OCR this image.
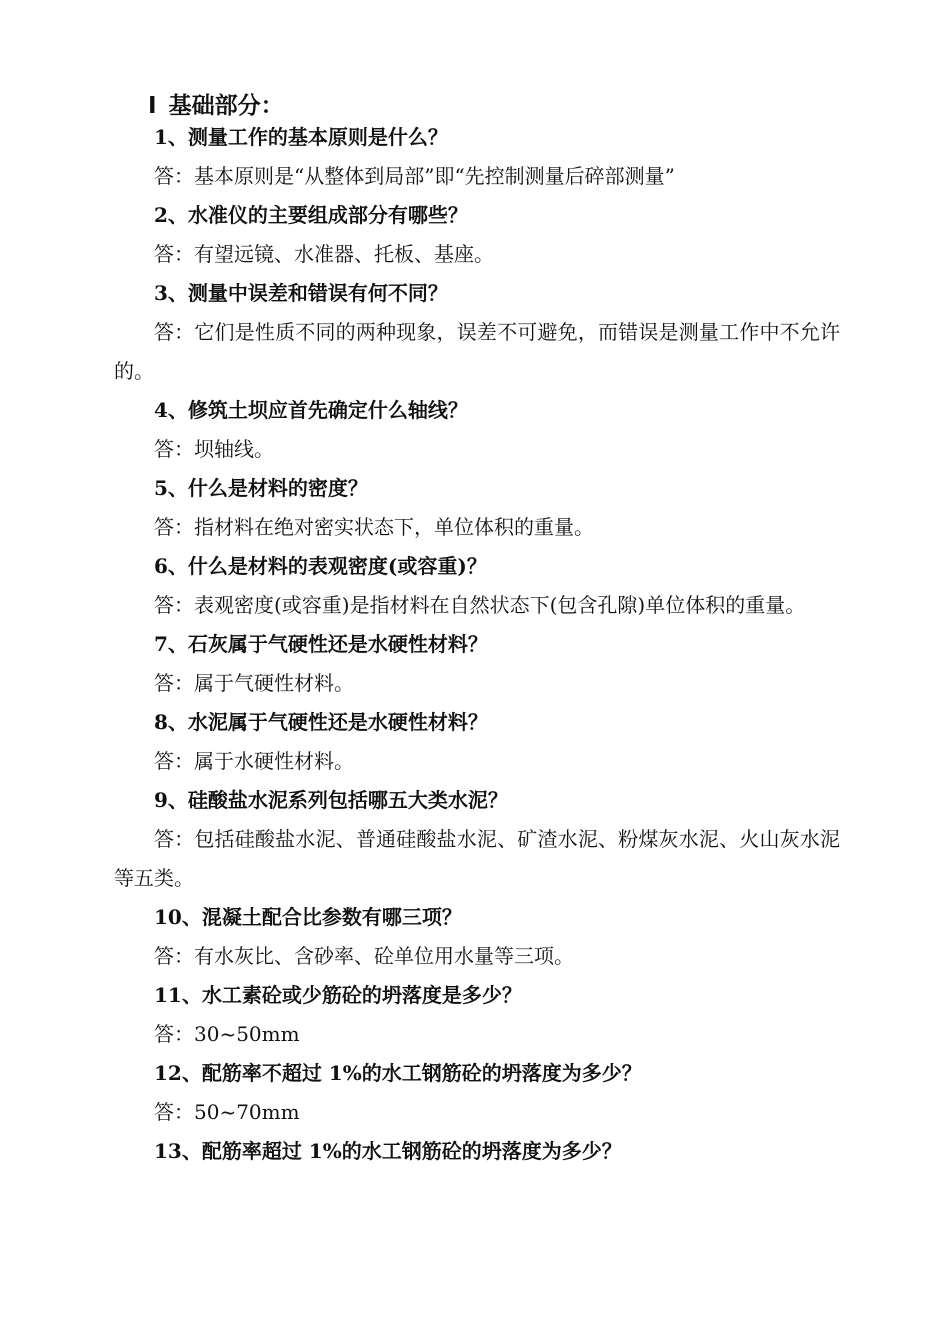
Ⅰ 基础部分：

1、测量工作的基本原则是什么？

答：基本原则是“从整体到局部”即“先控制测量后碎部测量”

2、水准仪的主要组成部分有哪些？

答：有望远镜、水准器、托板、基座。

3、测量中误差和错误有何不同？

答：它们是性质不同的两种现象，误差不可避免，而错误是测量工作中不允许的。

4、修筑土坝应首先确定什么轴线？

答：坝轴线。

5、什么是材料的密度？

答：指材料在绝对密实状态下，单位体积的重量。

6、什么是材料的表观密度(或容重)？

答：表观密度(或容重)是指材料在自然状态下(包含孔隙)单位体积的重量。

7、石灰属于气硬性还是水硬性材料？

答：属于气硬性材料。

8、水泥属于气硬性还是水硬性材料？

答：属于水硬性材料。

9、硅酸盐水泥系列包括哪五大类水泥？

答：包括硅酸盐水泥、普通硅酸盐水泥、矿渣水泥、粉煤灰水泥、火山灰水泥等五类。

10、混凝土配合比参数有哪三项？

答：有水灰比、含砂率、砼单位用水量等三项。

11、水工素砼或少筋砼的坍落度是多少？

答：30~50mm

12、配筋率不超过 1%的水工钢筋砼的坍落度为多少？

答：50~70mm

13、配筋率超过 1%的水工钢筋砼的坍落度为多少？
